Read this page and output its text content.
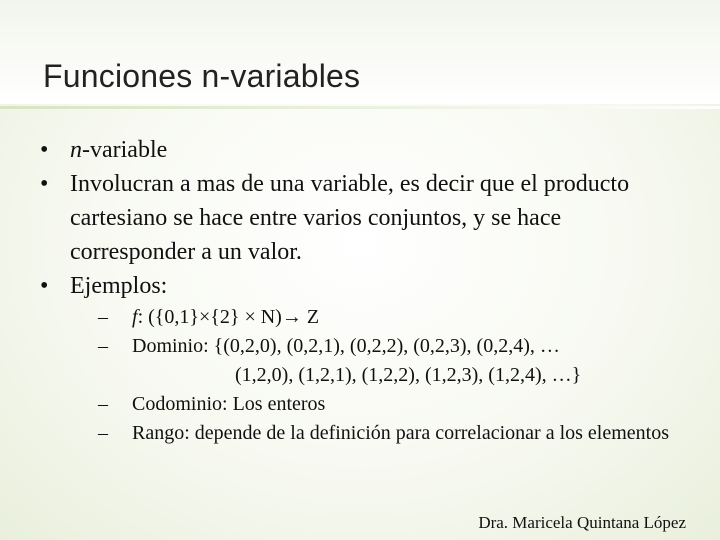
Funciones n-variables
• n-variable
• Involucran a mas de una variable, es decir que el producto cartesiano se hace entre varios conjuntos, y se hace corresponder a un valor.
• Ejemplos:
– f: ({0,1}×{2} × N)→ Z
– Dominio: {(0,2,0), (0,2,1), (0,2,2), (0,2,3), (0,2,4), …
(1,2,0), (1,2,1), (1,2,2), (1,2,3), (1,2,4), …}
– Codominio: Los enteros
– Rango: depende de la definición para correlacionar a los elementos
Dra. Maricela Quintana López
